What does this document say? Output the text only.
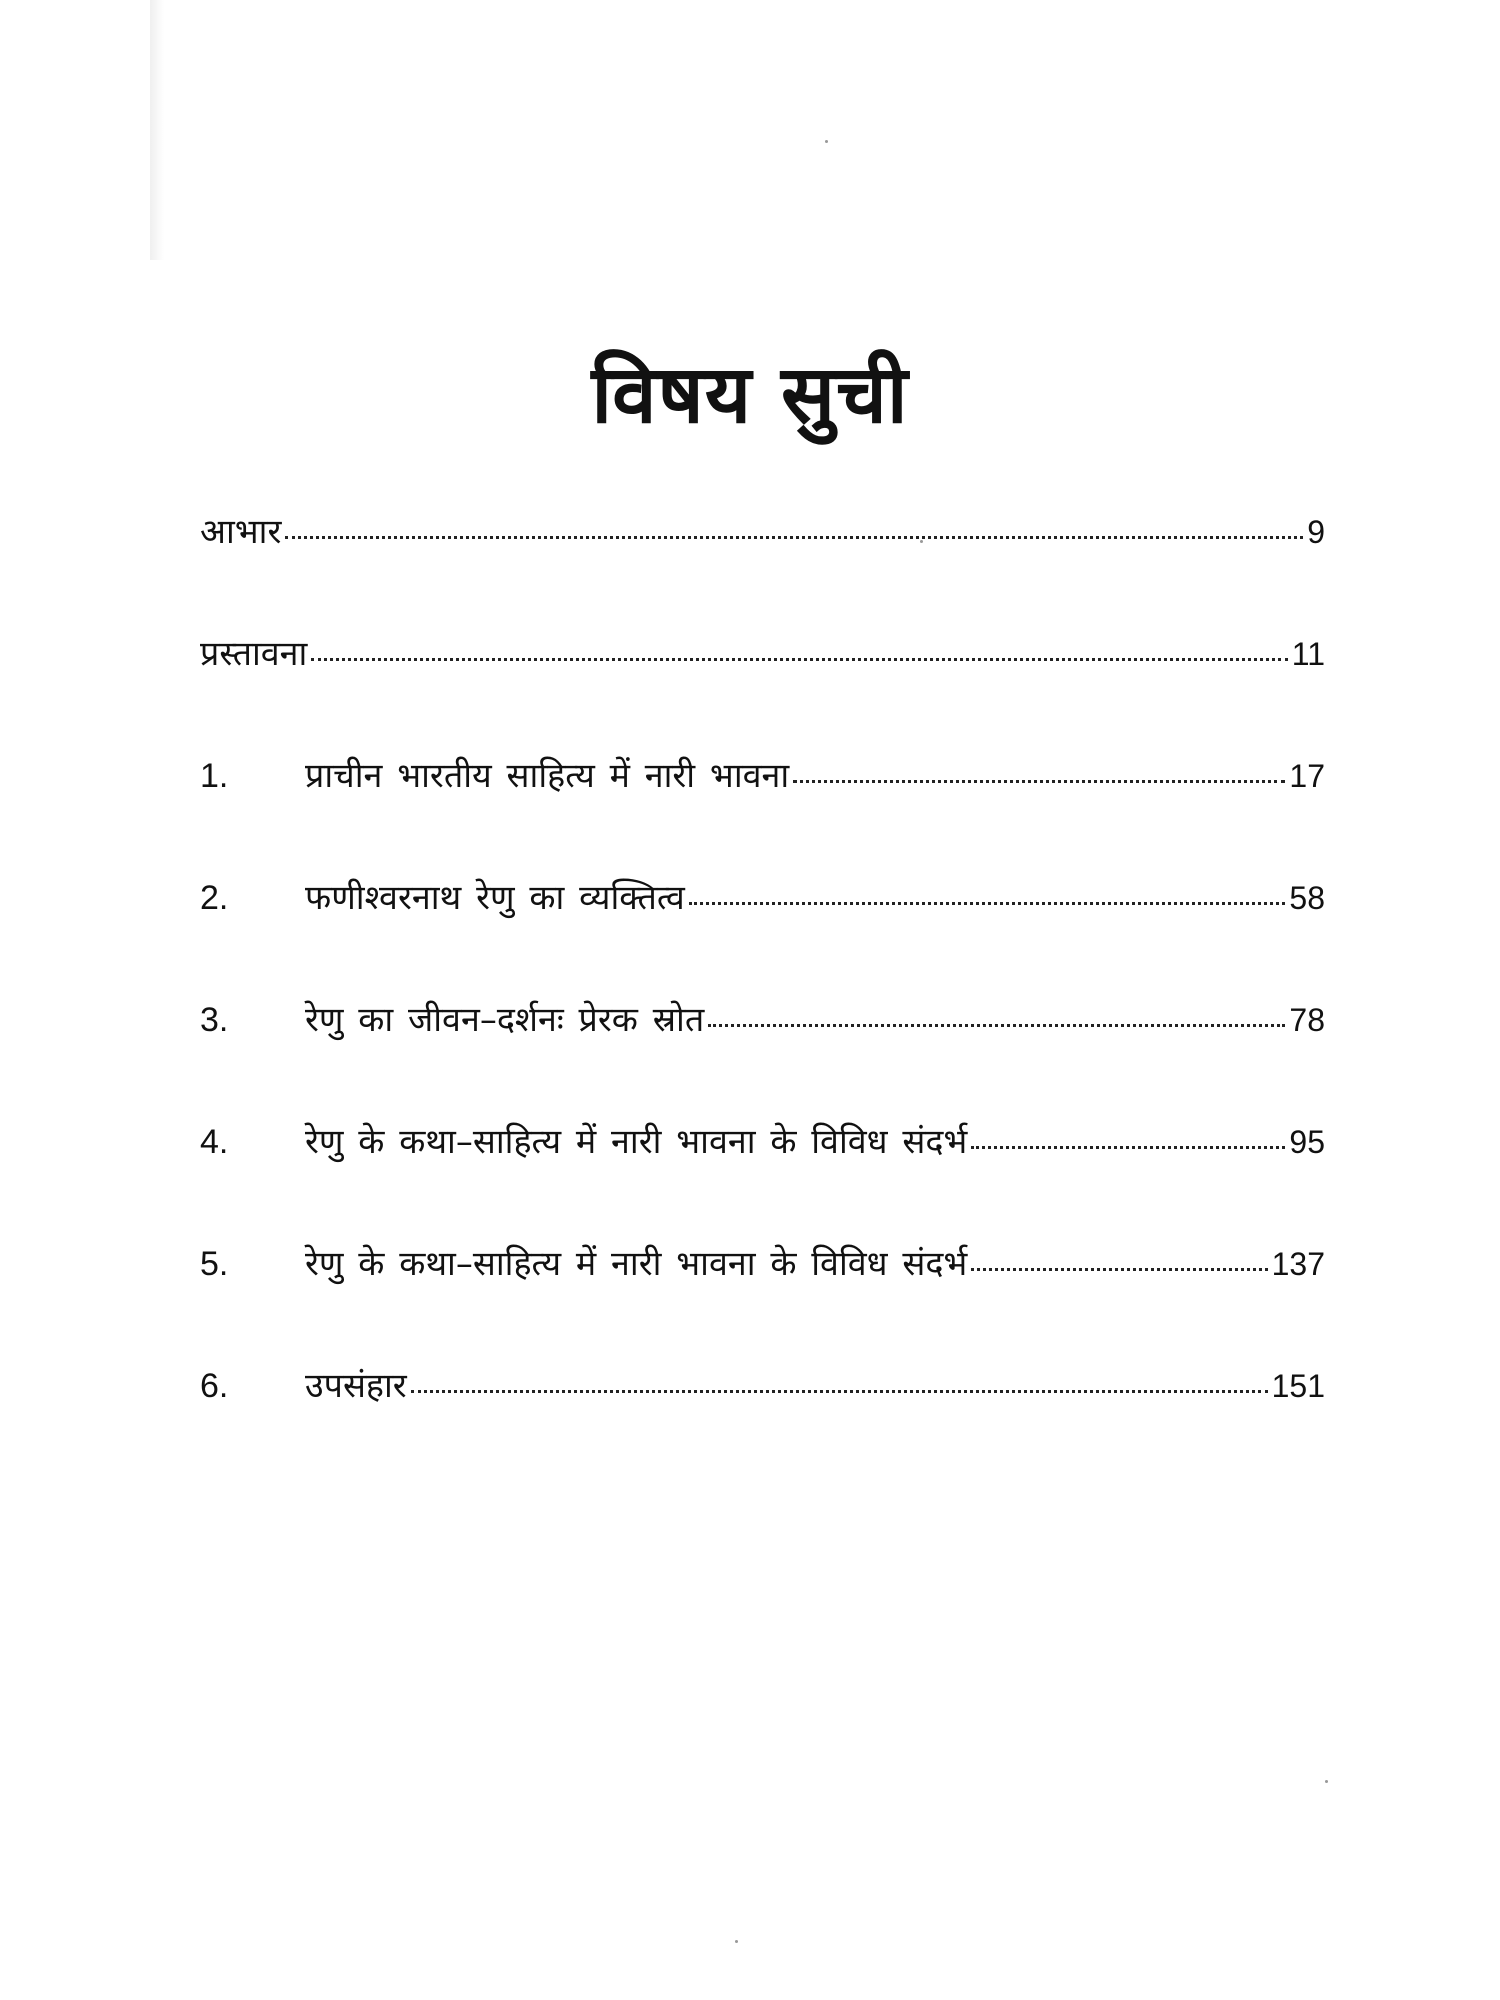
विषय सुची
आभार	9
प्रस्तावना	11
1.	प्राचीन भारतीय साहित्य में नारी भावना	17
2.	फणीश्वरनाथ रेणु का व्यक्तित्व	58
3.	रेणु का जीवन–दर्शनः प्रेरक स्रोत	78
4.	रेणु के कथा–साहित्य में नारी भावना के विविध संदर्भ	95
5.	रेणु के कथा–साहित्य में नारी भावना के विविध संदर्भ	137
6.	उपसंहार	151
